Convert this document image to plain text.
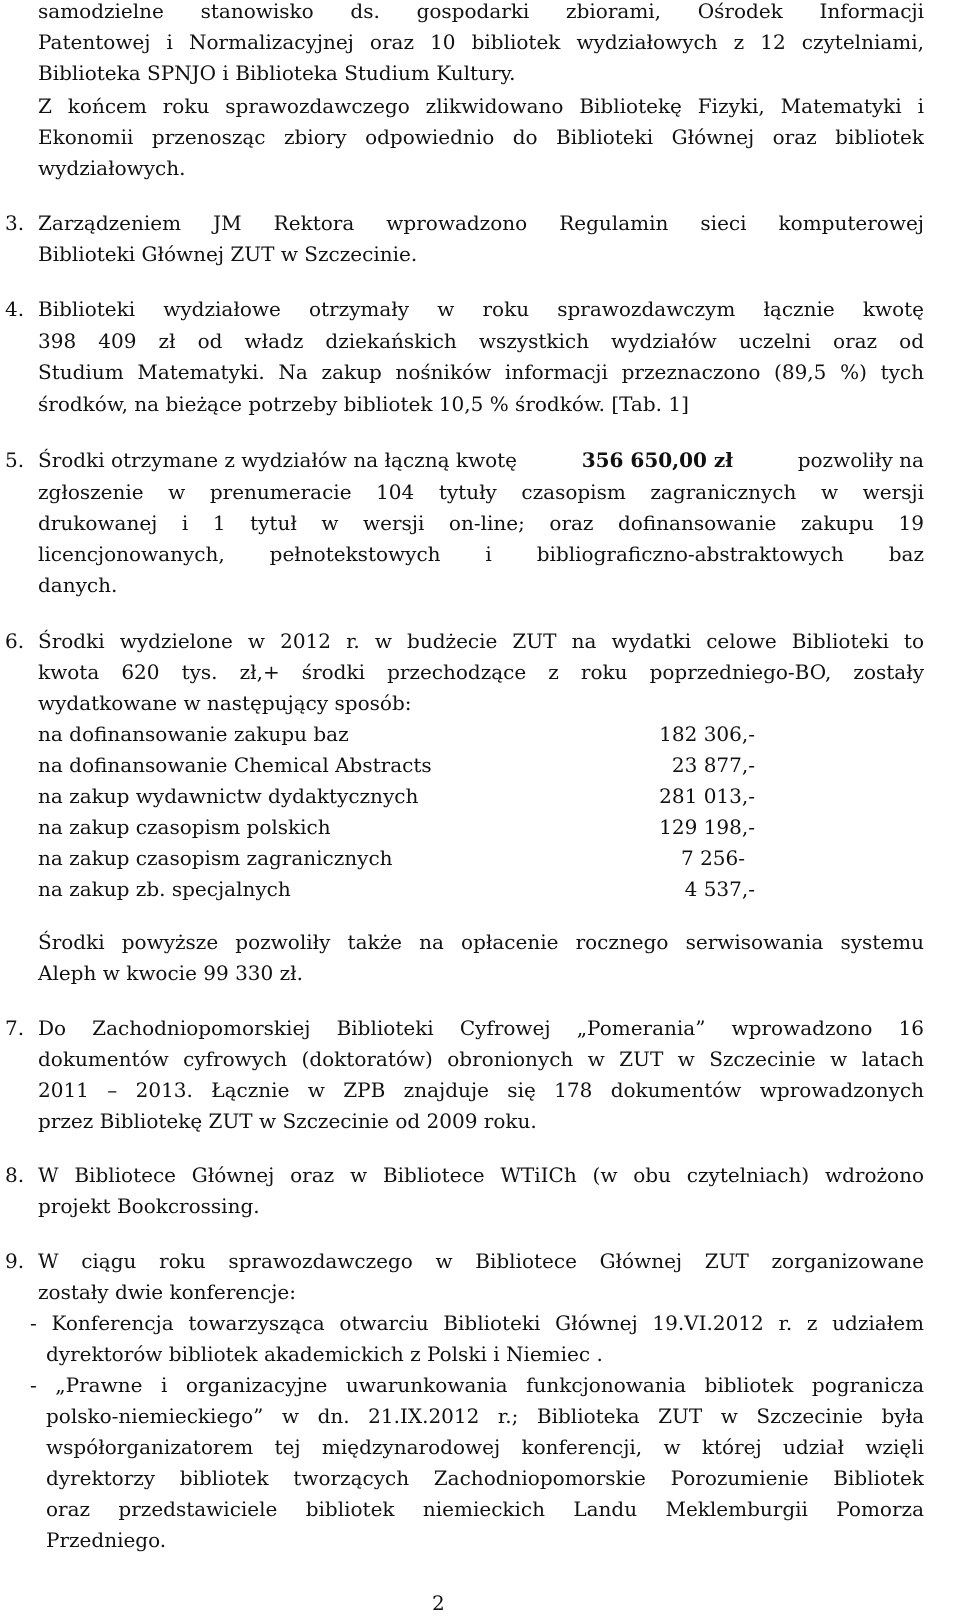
samodzielne stanowisko ds. gospodarki zbiorami, Ośrodek Informacji
Patentowej i Normalizacyjnej oraz 10 bibliotek wydziałowych z 12 czytelniami,
Biblioteka SPNJO i Biblioteka Studium Kultury.
Z końcem roku sprawozdawczego zlikwidowano Bibliotekę Fizyki, Matematyki i
Ekonomii przenosząc zbiory odpowiednio do Biblioteki Głównej oraz bibliotek
wydziałowych.
3. Zarządzeniem JM Rektora wprowadzono Regulamin sieci komputerowej
Biblioteki Głównej ZUT w Szczecinie.
4. Biblioteki wydziałowe otrzymały w roku sprawozdawczym łącznie kwotę
398 409 zł od władz dziekańskich wszystkich wydziałów uczelni oraz od
Studium Matematyki. Na zakup nośników informacji przeznaczono (89,5 %) tych
środków, na bieżące potrzeby bibliotek 10,5 % środków. [Tab. 1]
5. Środki otrzymane z wydziałów na łączną kwotę	356 650,00 zł	pozwoliły na
zgłoszenie w prenumeracie 104 tytuły czasopism zagranicznych w wersji
drukowanej i 1 tytuł w wersji on-line; oraz dofinansowanie zakupu 19
licencjonowanych, pełnotekstowych i bibliograficzno-abstraktowych baz
danych.
6. Środki wydzielone w 2012 r. w budżecie ZUT na wydatki celowe Biblioteki to
kwota 620 tys. zł,+ środki przechodzące z roku poprzedniego-BO, zostały
wydatkowane w następujący sposób:
na dofinansowanie zakupu baz	182 306,-
na dofinansowanie Chemical Abstracts	23 877,-
na zakup wydawnictw dydaktycznych	281 013,-
na zakup czasopism polskich	129 198,-
na zakup czasopism zagranicznych	7 256-
na zakup zb. specjalnych	4 537,-
Środki powyższe pozwoliły także na opłacenie rocznego serwisowania systemu
Aleph w kwocie 99 330 zł.
7. Do Zachodniopomorskiej Biblioteki Cyfrowej „Pomerania” wprowadzono 16
dokumentów cyfrowych (doktoratów) obronionych w ZUT w Szczecinie w latach
2011 – 2013. Łącznie w ZPB znajduje się 178 dokumentów wprowadzonych
przez Bibliotekę ZUT w Szczecinie od 2009 roku.
8. W Bibliotece Głównej oraz w Bibliotece WTiICh (w obu czytelniach) wdrożono
projekt Bookcrossing.
9. W ciągu roku sprawozdawczego w Bibliotece Głównej ZUT zorganizowane
zostały dwie konferencje:
- Konferencja towarzysząca otwarciu Biblioteki Głównej 19.VI.2012 r. z udziałem
dyrektorów bibliotek akademickich z Polski i Niemiec .
- „Prawne i organizacyjne uwarunkowania funkcjonowania bibliotek pogranicza
polsko-niemieckiego” w dn. 21.IX.2012 r.; Biblioteka ZUT w Szczecinie była
współorganizatorem tej międzynarodowej konferencji, w której udział wzięli
dyrektorzy bibliotek tworzących Zachodniopomorskie Porozumienie Bibliotek
oraz przedstawiciele bibliotek niemieckich Landu Meklemburgii Pomorza
Przedniego.
2
